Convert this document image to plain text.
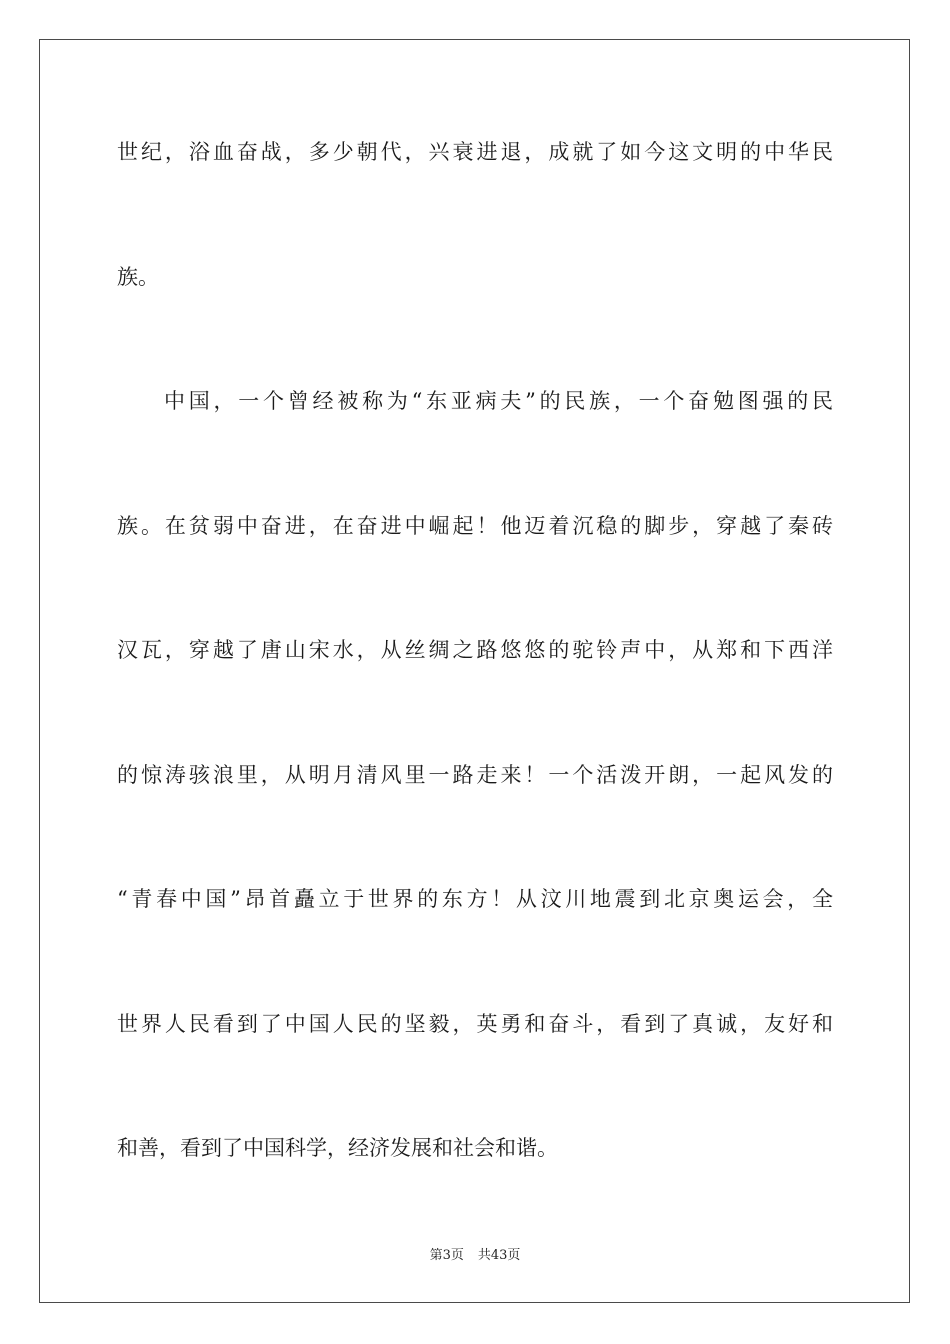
世纪，浴血奋战，多少朝代，兴衰进退，成就了如今这文明的中华民
族。
中国，一个曾经被称为“东亚病夫”的民族，一个奋勉图强的民
族。在贫弱中奋进，在奋进中崛起！他迈着沉稳的脚步，穿越了秦砖
汉瓦，穿越了唐山宋水，从丝绸之路悠悠的驼铃声中，从郑和下西洋
的惊涛骇浪里，从明月清风里一路走来！一个活泼开朗，一起风发的
“青春中国”昂首矗立于世界的东方！从汶川地震到北京奥运会，全
世界人民看到了中国人民的坚毅，英勇和奋斗，看到了真诚，友好和
和善，看到了中国科学，经济发展和社会和谐。
第3页 共43页
